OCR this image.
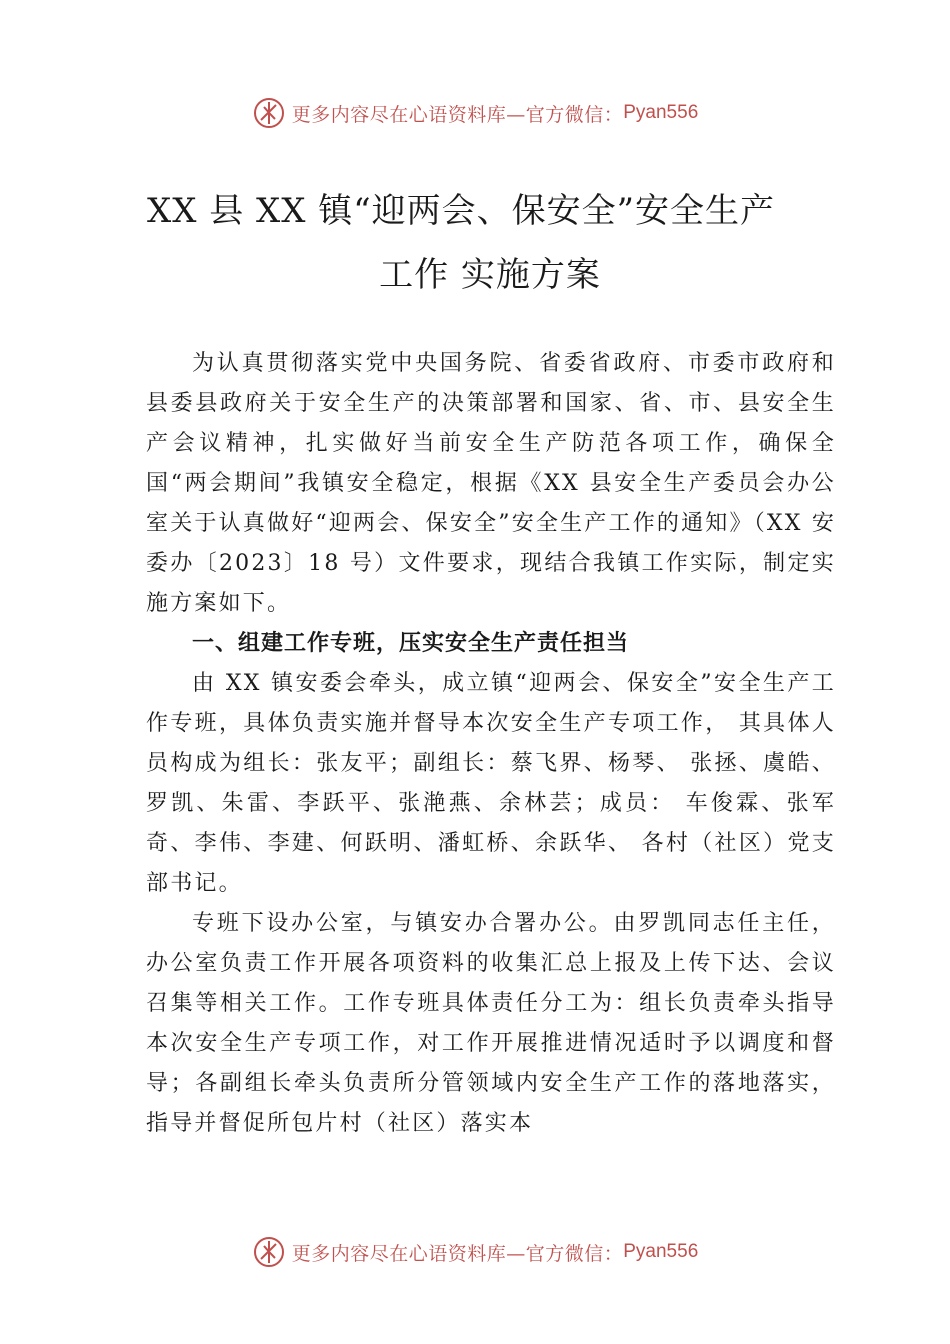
更多内容尽在心语资料库—官方微信： Pyan556
XX 县 XX 镇“迎两会、保安全”安全生产
工作 实施方案

为认真贯彻落实党中央国务院、省委省政府、市委市政府和县委县政府关于安全生产的决策部署和国家、省、市、县安全生产会议精神，扎实做好当前安全生产防范各项工作，确保全国“两会期间”我镇安全稳定，根据《XX 县安全生产委员会办公室关于认真做好“迎两会、保安全”安全生产工作的通知》（XX 安委办〔2023〕18 号）文件要求，现结合我镇工作实际，制定实施方案如下。

一、组建工作专班，压实安全生产责任担当

由 XX 镇安委会牵头，成立镇“迎两会、保安全”安全生产工作专班，具体负责实施并督导本次安全生产专项工作， 其具体人员构成为组长：张友平；副组长：蔡飞界、杨琴、 张拯、虞皓、罗凯、朱雷、李跃平、张滟燕、余林芸；成员： 车俊霖、张军奇、李伟、李建、何跃明、潘虹桥、余跃华、 各村（社区）党支部书记。

专班下设办公室，与镇安办合署办公。由罗凯同志任主任，办公室负责工作开展各项资料的收集汇总上报及上传下达、会议召集等相关工作。工作专班具体责任分工为：组长负责牵头指导本次安全生产专项工作，对工作开展推进情况适时予以调度和督导；各副组长牵头负责所分管领域内安全生产工作的落地落实，指导并督促所包片村（社区）落实本

更多内容尽在心语资料库—官方微信： Pyan556
